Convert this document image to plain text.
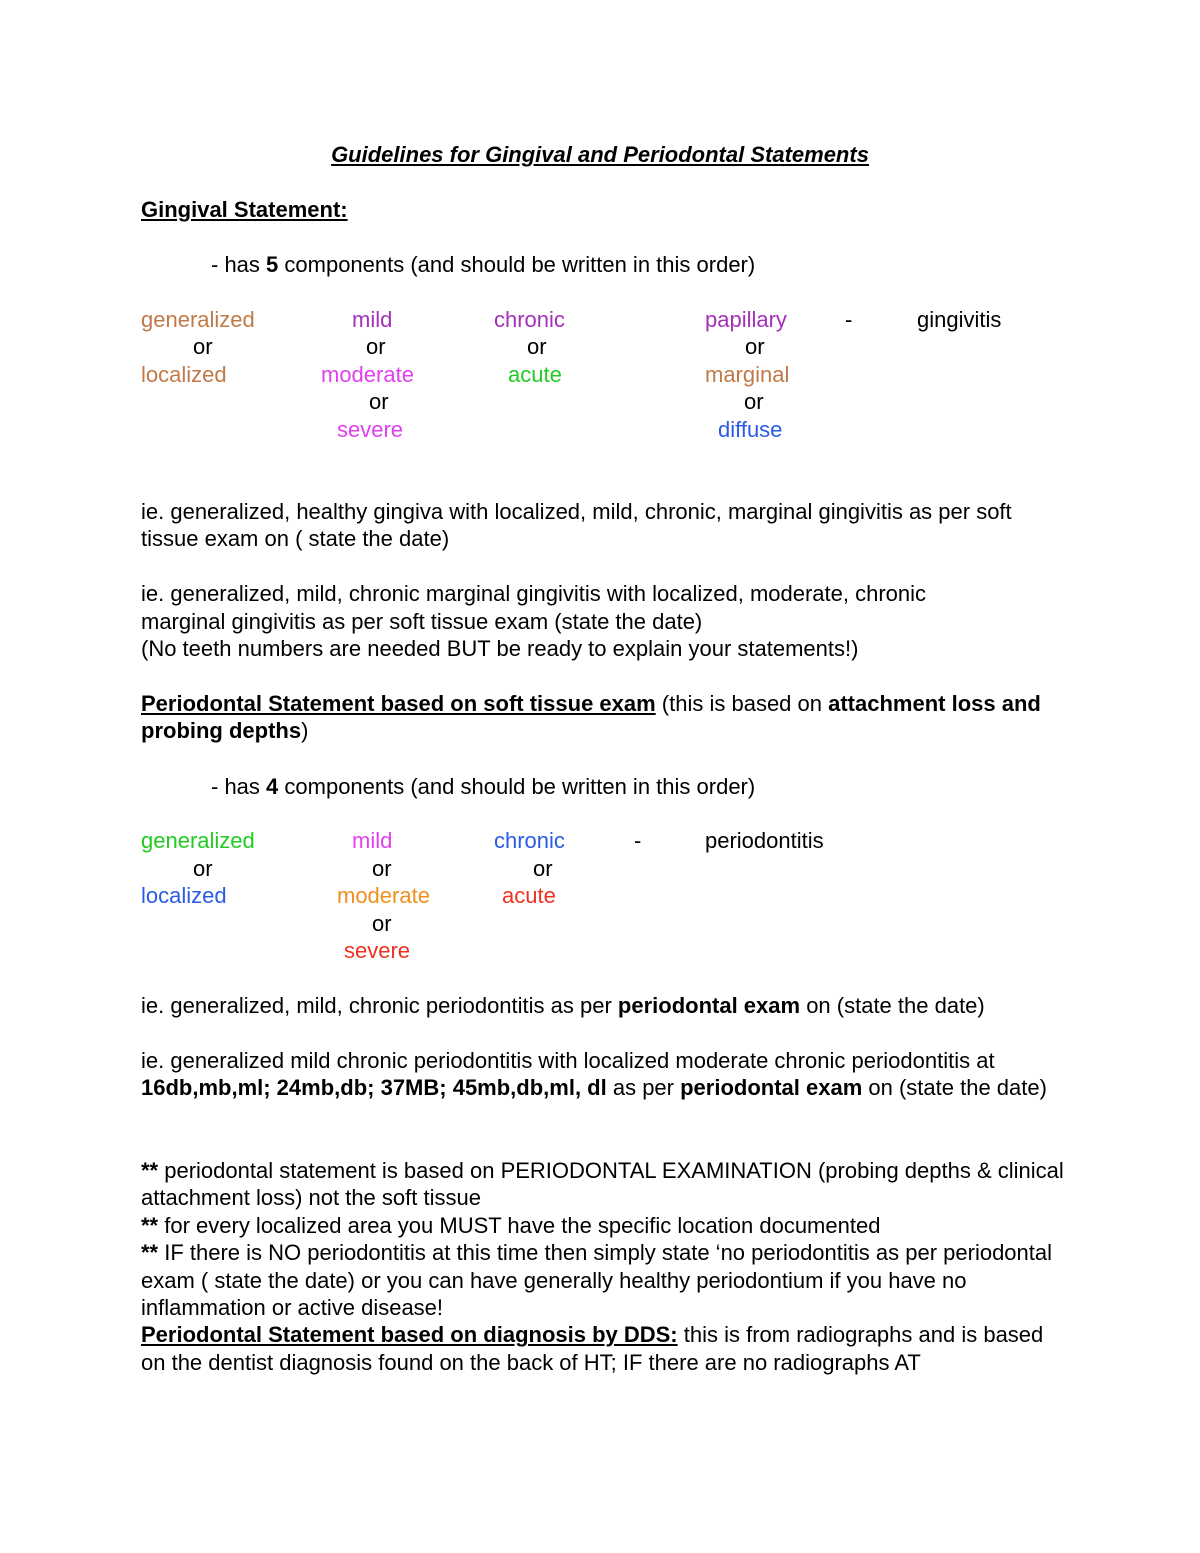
Guidelines for Gingival and Periodontal Statements
Gingival Statement:
- has 5 components (and should be written in this order)
generalized
or
localized
mild
or
moderate
or
severe
chronic
or
acute
papillary
or
marginal
or
diffuse
-	gingivitis
ie. generalized, healthy gingiva with localized, mild, chronic, marginal gingivitis as per soft tissue exam on ( state the date)
ie. generalized, mild, chronic marginal gingivitis with localized, moderate, chronic
marginal gingivitis as per soft tissue exam (state the date)
(No teeth numbers are needed BUT be ready to explain your statements!)
Periodontal Statement based on soft tissue exam (this is based on attachment loss and probing depths)
- has 4 components (and should be written in this order)
generalized
or
localized
mild
or
moderate
or
severe
chronic
or
acute
-	periodontitis
ie. generalized, mild, chronic periodontitis as per periodontal exam on (state the date)
ie. generalized mild chronic periodontitis with localized moderate chronic periodontitis at 16db,mb,ml; 24mb,db; 37MB; 45mb,db,ml, dl as per periodontal exam on (state the date)
** periodontal statement is based on PERIODONTAL EXAMINATION (probing depths & clinical attachment loss) not the soft tissue
** for every localized area you MUST have the specific location documented
** IF there is NO periodontitis at this time then simply state ‘no periodontitis as per periodontal exam ( state the date) or you can have generally healthy periodontium if you have no inflammation or active disease!
Periodontal Statement based on diagnosis by DDS: this is from radiographs and is based on the dentist diagnosis found on the back of HT; IF there are no radiographs AT
